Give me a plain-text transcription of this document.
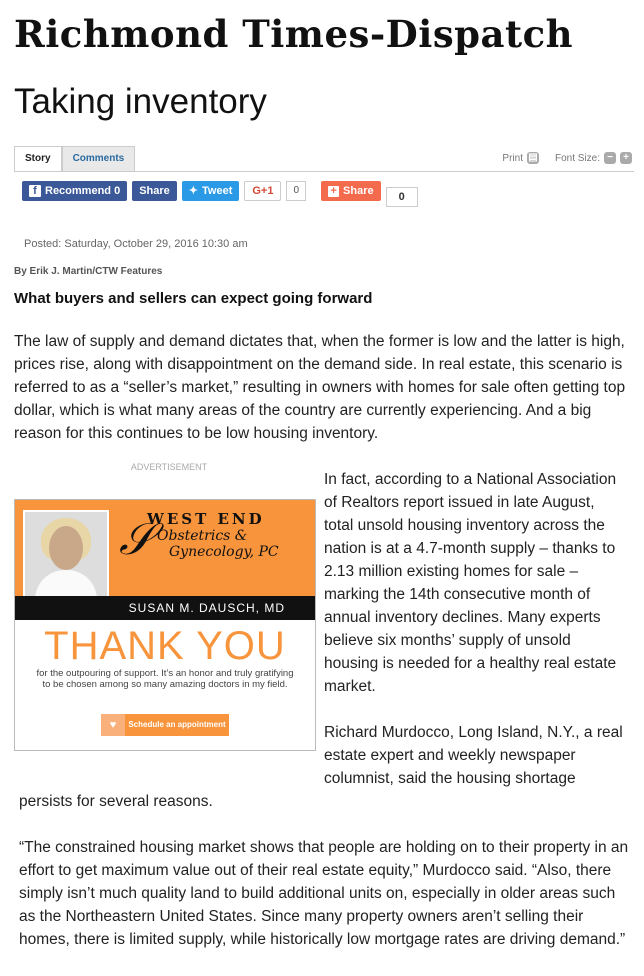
Richmond Times-Dispatch
Taking inventory
Story	Comments	Print ▤ Font Size: −	+
f Recommend 0	Share	✦ Tweet	G+1	0	+ Share	0
Posted: Saturday, October 29, 2016 10:30 am
By Erik J. Martin/CTW Features
What buyers and sellers can expect going forward

The law of supply and demand dictates that, when the former is low and the latter is high, prices rise, along with disappointment on the demand side. In real estate, this scenario is referred to as a “seller’s market,” resulting in owners with homes for sale often getting top dollar, which is what many areas of the country are currently experiencing. And a big reason for this continues to be low housing inventory.

ADVERTISEMENT
𝒮
WEST END
Obstetrics &
Gynecology, PC
SUSAN M. DAUSCH, MD
THANK YOU
for the outpouring of support. It’s an honor and truly gratifying to be chosen among so many amazing doctors in my field.
♥	Schedule an appointment

In fact, according to a National Association of Realtors report issued in late August, total unsold housing inventory across the nation is at a 4.7-month supply – thanks to 2.13 million existing homes for sale – marking the 14th consecutive month of annual inventory declines. Many experts believe six months’ supply of unsold housing is needed for a healthy real estate market.

Richard Murdocco, Long Island, N.Y., a real estate expert and weekly newspaper columnist, said the housing shortage

persists for several reasons.

“The constrained housing market shows that people are holding on to their property in an effort to get maximum value out of their real estate equity,” Murdocco said. “Also, there simply isn’t much quality land to build additional units on, especially in older areas such as the Northeastern United States. Since many property owners aren’t selling their homes, there is limited supply, while historically low mortgage rates are driving demand.”
